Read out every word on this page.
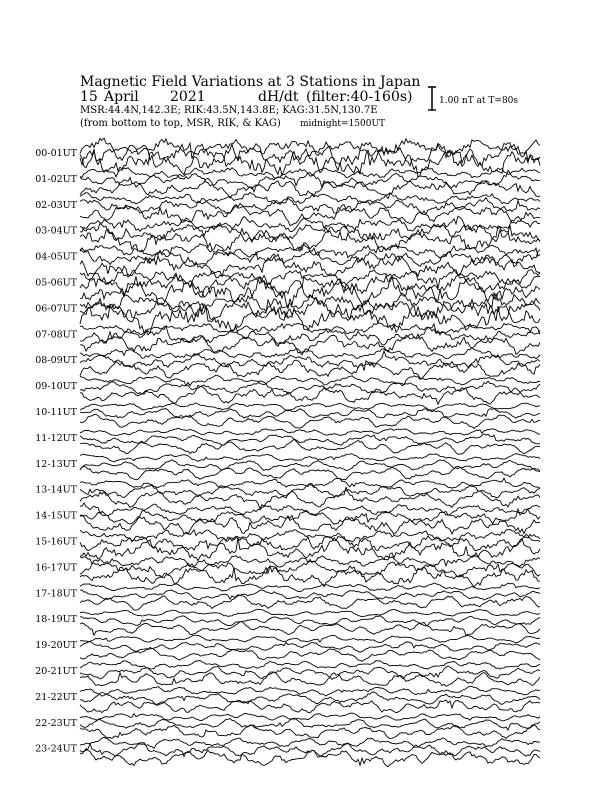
Magnetic Field Variations at 3 Stations in Japan
15 April 2021	dH/dt (filter:40-160s)
MSR:44.4N,142.3E; RIK:43.5N,143.8E; KAG:31.5N,130.7E
(from bottom to top, MSR, RIK, & KAG) midnight=1500UT
1.00 nT at T=80s
00-01UT
01-02UT
02-03UT
03-04UT
04-05UT
05-06UT
06-07UT
07-08UT
08-09UT
09-10UT
10-11UT
11-12UT
12-13UT
13-14UT
14-15UT
15-16UT
16-17UT
17-18UT
18-19UT
19-20UT
20-21UT
21-22UT
22-23UT
23-24UT
